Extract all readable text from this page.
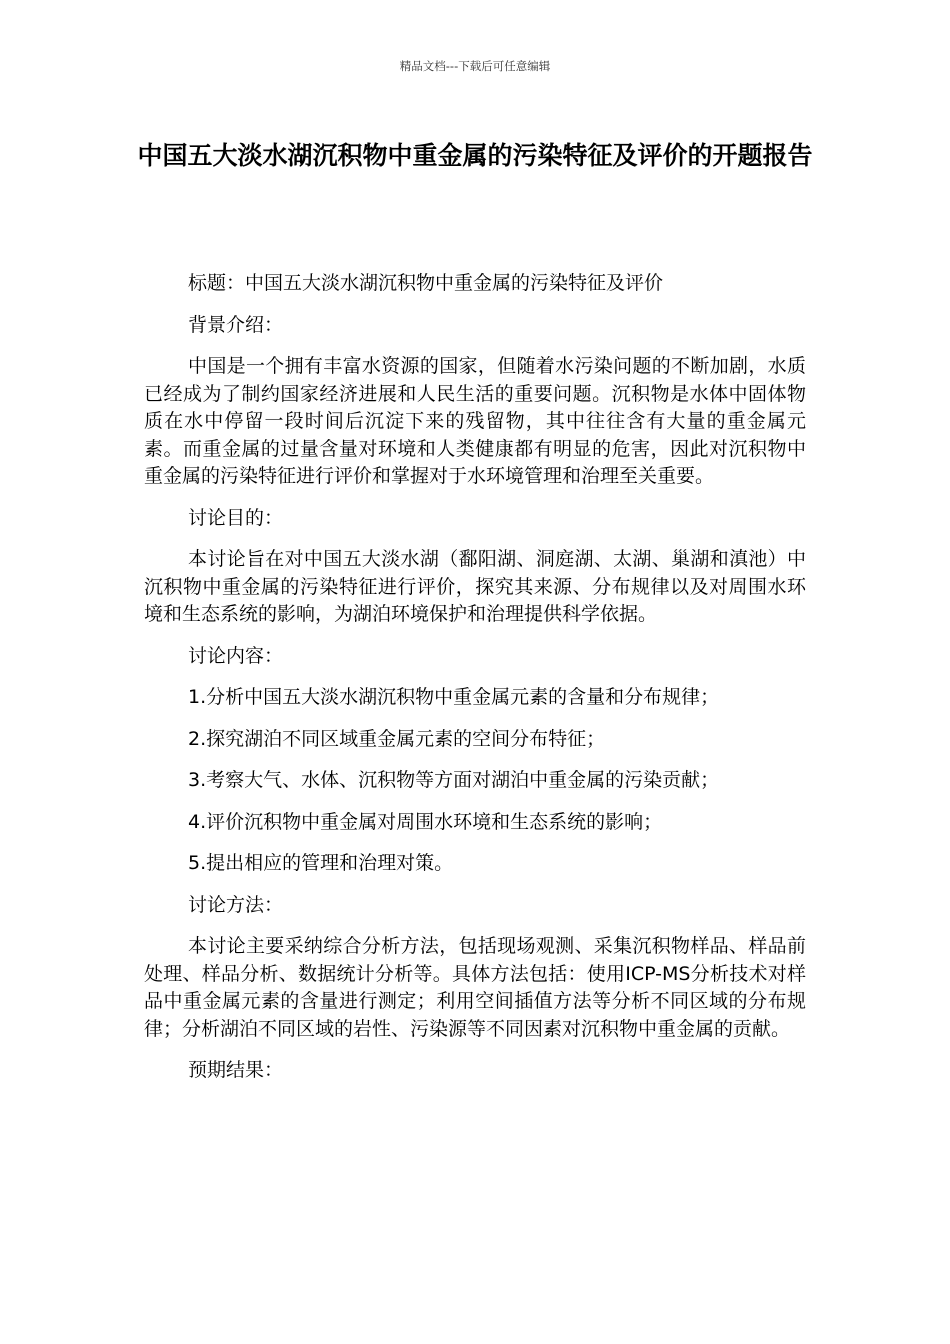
精品文档---下载后可任意编辑
中国五大淡水湖沉积物中重金属的污染特征及评价的开题报告

标题：中国五大淡水湖沉积物中重金属的污染特征及评价

背景介绍：

中国是一个拥有丰富水资源的国家，但随着水污染问题的不断加剧，水质已经成为了制约国家经济进展和人民生活的重要问题。沉积物是水体中固体物质在水中停留一段时间后沉淀下来的残留物，其中往往含有大量的重金属元素。而重金属的过量含量对环境和人类健康都有明显的危害，因此对沉积物中重金属的污染特征进行评价和掌握对于水环境管理和治理至关重要。

讨论目的：

本讨论旨在对中国五大淡水湖（鄱阳湖、洞庭湖、太湖、巢湖和滇池）中沉积物中重金属的污染特征进行评价，探究其来源、分布规律以及对周围水环境和生态系统的影响，为湖泊环境保护和治理提供科学依据。

讨论内容：

1.分析中国五大淡水湖沉积物中重金属元素的含量和分布规律；

2.探究湖泊不同区域重金属元素的空间分布特征；

3.考察大气、水体、沉积物等方面对湖泊中重金属的污染贡献；

4.评价沉积物中重金属对周围水环境和生态系统的影响；

5.提出相应的管理和治理对策。

讨论方法：

本讨论主要采纳综合分析方法，包括现场观测、采集沉积物样品、样品前处理、样品分析、数据统计分析等。具体方法包括：使用ICP-MS分析技术对样品中重金属元素的含量进行测定；利用空间插值方法等分析不同区域的分布规律；分析湖泊不同区域的岩性、污染源等不同因素对沉积物中重金属的贡献。

预期结果：
